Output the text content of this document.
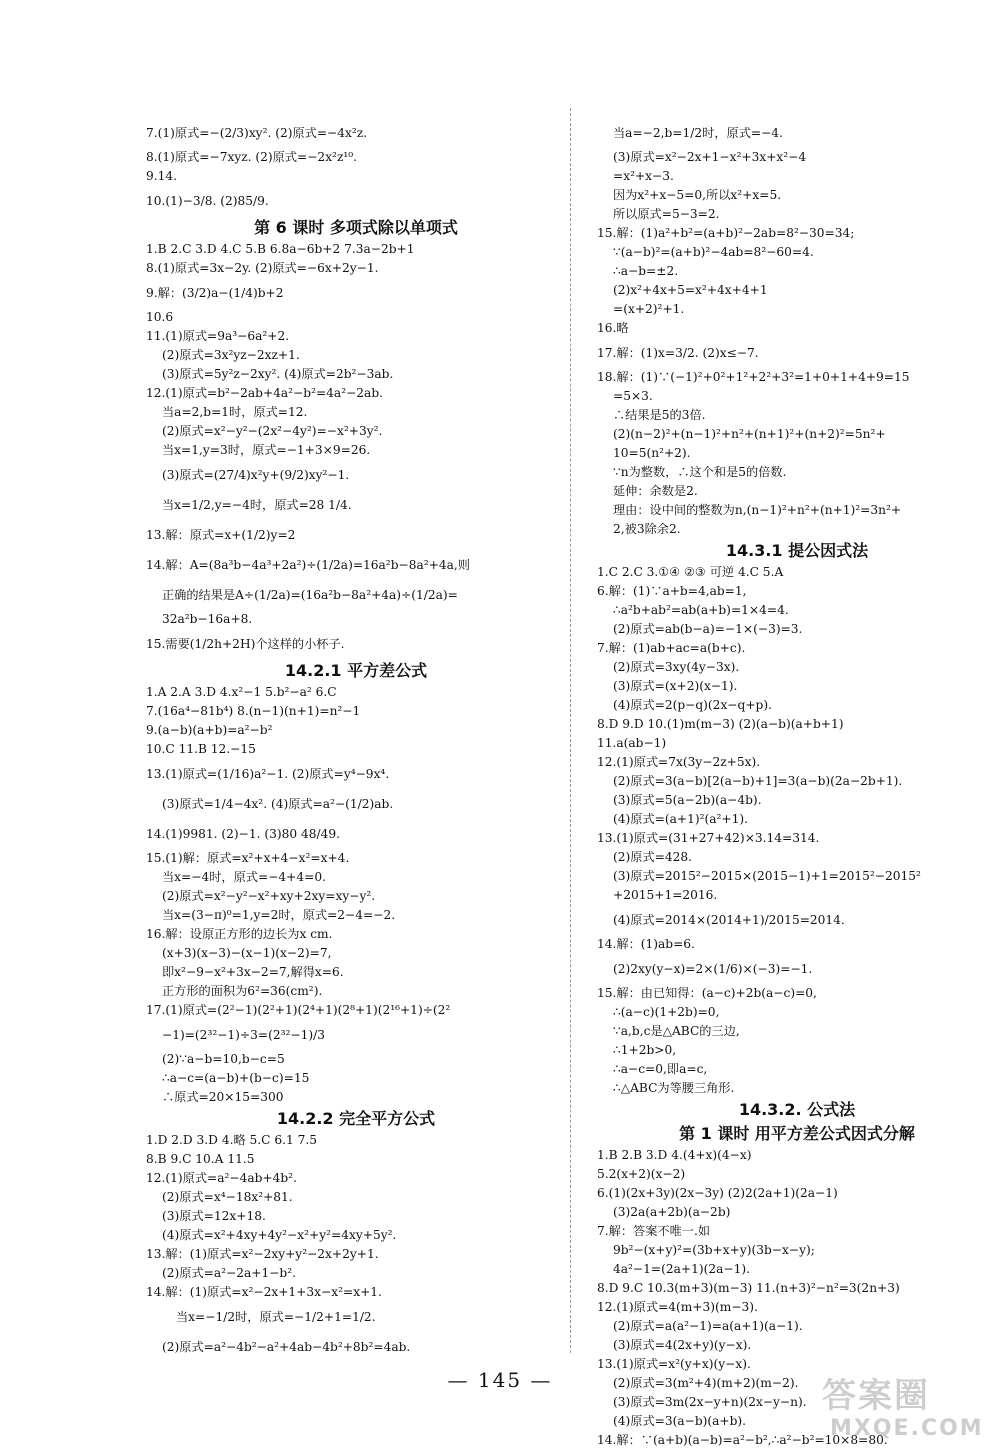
7.(1)原式=−(2/3)xy². (2)原式=−4x²z.
8.(1)原式=−7xyz. (2)原式=−2x²z¹⁰.
9.14.
10.(1)−3/8. (2)85/9.
第 6 课时 多项式除以单项式
1.B 2.C 3.D 4.C 5.B 6.8a−6b+2 7.3a−2b+1
8.(1)原式=3x−2y. (2)原式=−6x+2y−1.
9.解：(3/2)a−(1/4)b+2
10.6
11.(1)原式=9a³−6a²+2.
(2)原式=3x²yz−2xz+1.
(3)原式=5y²z−2xy². (4)原式=2b²−3ab.
12.(1)原式=b²−2ab+4a²−b²=4a²−2ab.
当a=2,b=1时，原式=12.
(2)原式=x²−y²−(2x²−4y²)=−x²+3y².
当x=1,y=3时，原式=−1+3×9=26.
(3)原式=(27/4)x²y+(9/2)xy²−1.
当x=1/2,y=−4时，原式=28 1/4.
13.解：原式=x+(1/2)y=2
14.解：A=(8a³b−4a³+2a²)÷(1/2a)=16a²b−8a²+4a,则
正确的结果是A÷(1/2a)=(16a²b−8a²+4a)÷(1/2a)=
32a²b−16a+8.
15.需要(1/2h+2H)个这样的小杯子.
14.2.1 平方差公式
1.A 2.A 3.D 4.x²−1 5.b²−a² 6.C
7.(16a⁴−81b⁴) 8.(n−1)(n+1)=n²−1
9.(a−b)(a+b)=a²−b²
10.C 11.B 12.−15
13.(1)原式=(1/16)a²−1. (2)原式=y⁴−9x⁴.
(3)原式=1/4−4x². (4)原式=a²−(1/2)ab.
14.(1)9981. (2)−1. (3)80 48/49.
15.(1)解：原式=x²+x+4−x²=x+4.
当x=−4时，原式=−4+4=0.
(2)原式=x²−y²−x²+xy+2xy=xy−y².
当x=(3−π)⁰=1,y=2时，原式=2−4=−2.
16.解：设原正方形的边长为x cm.
(x+3)(x−3)−(x−1)(x−2)=7,
即x²−9−x²+3x−2=7,解得x=6.
正方形的面积为6²=36(cm²).
17.(1)原式=(2²−1)(2²+1)(2⁴+1)(2⁸+1)(2¹⁶+1)÷(2²
−1)=(2³²−1)÷3=(2³²−1)/3
(2)∵a−b=10,b−c=5
∴a−c=(a−b)+(b−c)=15
∴原式=20×15=300
14.2.2 完全平方公式
1.D 2.D 3.D 4.略 5.C 6.1 7.5
8.B 9.C 10.A 11.5
12.(1)原式=a²−4ab+4b².
(2)原式=x⁴−18x²+81.
(3)原式=12x+18.
(4)原式=x²+4xy+4y²−x²+y²=4xy+5y².
13.解：(1)原式=x²−2xy+y²−2x+2y+1.
(2)原式=a²−2a+1−b².
14.解：(1)原式=x²−2x+1+3x−x²=x+1.
当x=−1/2时，原式=−1/2+1=1/2.
(2)原式=a²−4b²−a²+4ab−4b²+8b²=4ab.
当a=−2,b=1/2时，原式=−4.
(3)原式=x²−2x+1−x²+3x+x²−4
=x²+x−3.
因为x²+x−5=0,所以x²+x=5.
所以原式=5−3=2.
15.解：(1)a²+b²=(a+b)²−2ab=8²−30=34;
∵(a−b)²=(a+b)²−4ab=8²−60=4.
∴a−b=±2.
(2)x²+4x+5=x²+4x+4+1
=(x+2)²+1.
16.略
17.解：(1)x=3/2. (2)x≤−7.
18.解：(1)∵(−1)²+0²+1²+2²+3²=1+0+1+4+9=15
=5×3.
∴结果是5的3倍.
(2)(n−2)²+(n−1)²+n²+(n+1)²+(n+2)²=5n²+
10=5(n²+2).
∵n为整数，∴这个和是5的倍数.
延伸：余数是2.
理由：设中间的整数为n,(n−1)²+n²+(n+1)²=3n²+
2,被3除余2.
14.3.1 提公因式法
1.C 2.C 3.①④ ②③ 可逆 4.C 5.A
6.解：(1)∵a+b=4,ab=1,
∴a²b+ab²=ab(a+b)=1×4=4.
(2)原式=ab(b−a)=−1×(−3)=3.
7.解：(1)ab+ac=a(b+c).
(2)原式=3xy(4y−3x).
(3)原式=(x+2)(x−1).
(4)原式=2(p−q)(2x−q+p).
8.D 9.D 10.(1)m(m−3) (2)(a−b)(a+b+1)
11.a(ab−1)
12.(1)原式=7x(3y−2z+5x).
(2)原式=3(a−b)[2(a−b)+1]=3(a−b)(2a−2b+1).
(3)原式=5(a−2b)(a−4b).
(4)原式=(a+1)²(a²+1).
13.(1)原式=(31+27+42)×3.14=314.
(2)原式=428.
(3)原式=2015²−2015×(2015−1)+1=2015²−2015²
+2015+1=2016.
(4)原式=2014×(2014+1)/2015=2014.
14.解：(1)ab=6.
(2)2xy(y−x)=2×(1/6)×(−3)=−1.
15.解：由已知得：(a−c)+2b(a−c)=0,
∴(a−c)(1+2b)=0,
∵a,b,c是△ABC的三边,
∴1+2b>0,
∴a−c=0,即a=c,
∴△ABC为等腰三角形.
14.3.2. 公式法
第 1 课时 用平方差公式因式分解
1.B 2.B 3.D 4.(4+x)(4−x)
5.2(x+2)(x−2)
6.(1)(2x+3y)(2x−3y) (2)2(2a+1)(2a−1)
(3)2a(a+2b)(a−2b)
7.解：答案不唯一.如
9b²−(x+y)²=(3b+x+y)(3b−x−y);
4a²−1=(2a+1)(2a−1).
8.D 9.C 10.3(m+3)(m−3) 11.(n+3)²−n²=3(2n+3)
12.(1)原式=4(m+3)(m−3).
(2)原式=a(a²−1)=a(a+1)(a−1).
(3)原式=4(2x+y)(y−x).
13.(1)原式=x²(y+x)(y−x).
(2)原式=3(m²+4)(m+2)(m−2).
(3)原式=3m(2x−y+n)(2x−y−n).
(4)原式=3(a−b)(a+b).
14.解：∵(a+b)(a−b)=a²−b²,∴a²−b²=10×8=80.
— 145 —	答案圈
MXQE.COM
